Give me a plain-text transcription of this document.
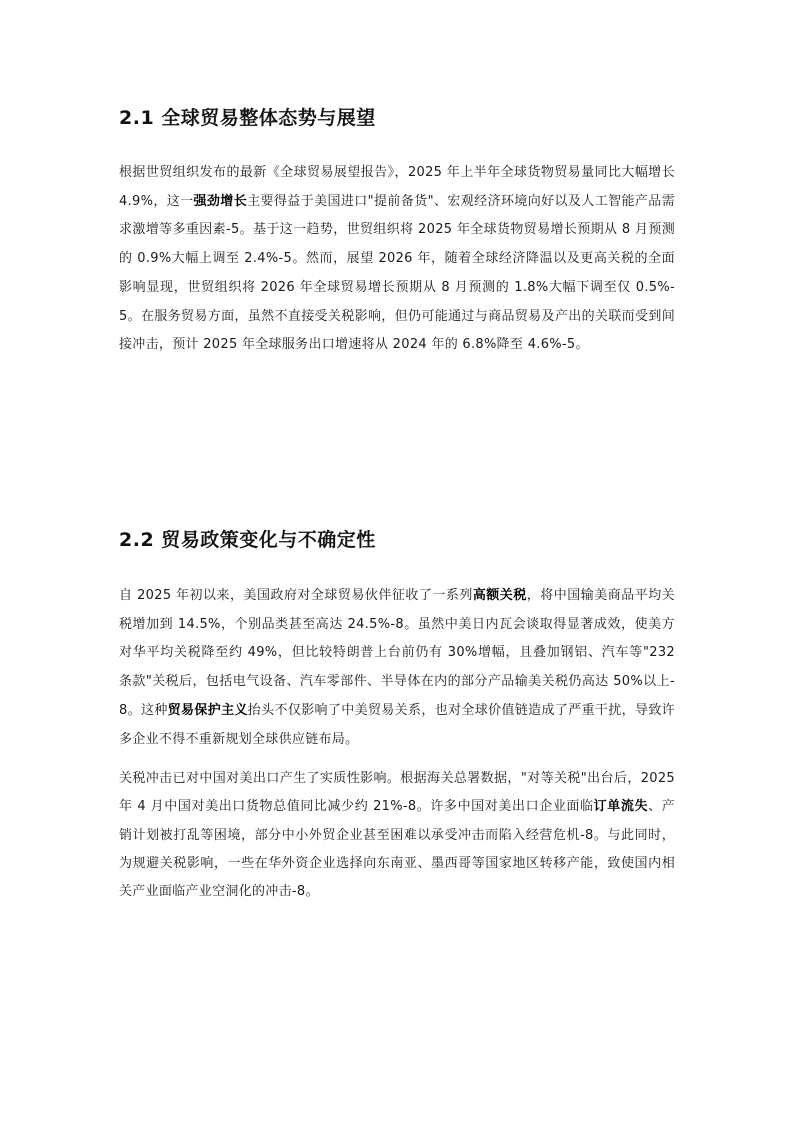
2.1 全球贸易整体态势与展望

根据世贸组织发布的最新《全球贸易展望报告》，2025 年上半年全球货物贸易量同比大幅增长 4.9%，这一强劲增长主要得益于美国进口"提前备货"、宏观经济环境向好以及人工智能产品需求激增等多重因素-5。基于这一趋势，世贸组织将 2025 年全球货物贸易增长预期从 8 月预测的 0.9%大幅上调至 2.4%-5。然而，展望 2026 年，随着全球经济降温以及更高关税的全面影响显现，世贸组织将 2026 年全球贸易增长预期从 8 月预测的 1.8%大幅下调至仅 0.5%-5。在服务贸易方面，虽然不直接受关税影响，但仍可能通过与商品贸易及产出的关联而受到间接冲击，预计 2025 年全球服务出口增速将从 2024 年的 6.8%降至 4.6%-5。

2.2 贸易政策变化与不确定性

自 2025 年初以来，美国政府对全球贸易伙伴征收了一系列高额关税，将中国输美商品平均关税增加到 14.5%，个别品类甚至高达 24.5%-8。虽然中美日内瓦会谈取得显著成效，使美方对华平均关税降至约 49%，但比较特朗普上台前仍有 30%增幅，且叠加钢铝、汽车等"232 条款"关税后，包括电气设备、汽车零部件、半导体在内的部分产品输美关税仍高达 50%以上-8。这种贸易保护主义抬头不仅影响了中美贸易关系，也对全球价值链造成了严重干扰，导致许多企业不得不重新规划全球供应链布局。

关税冲击已对中国对美出口产生了实质性影响。根据海关总署数据，"对等关税"出台后，2025 年 4 月中国对美出口货物总值同比减少约 21%-8。许多中国对美出口企业面临订单流失、产销计划被打乱等困境，部分中小外贸企业甚至困难以承受冲击而陷入经营危机-8。与此同时，为规避关税影响，一些在华外资企业选择向东南亚、墨西哥等国家地区转移产能，致使国内相关产业面临产业空洞化的冲击-8。
